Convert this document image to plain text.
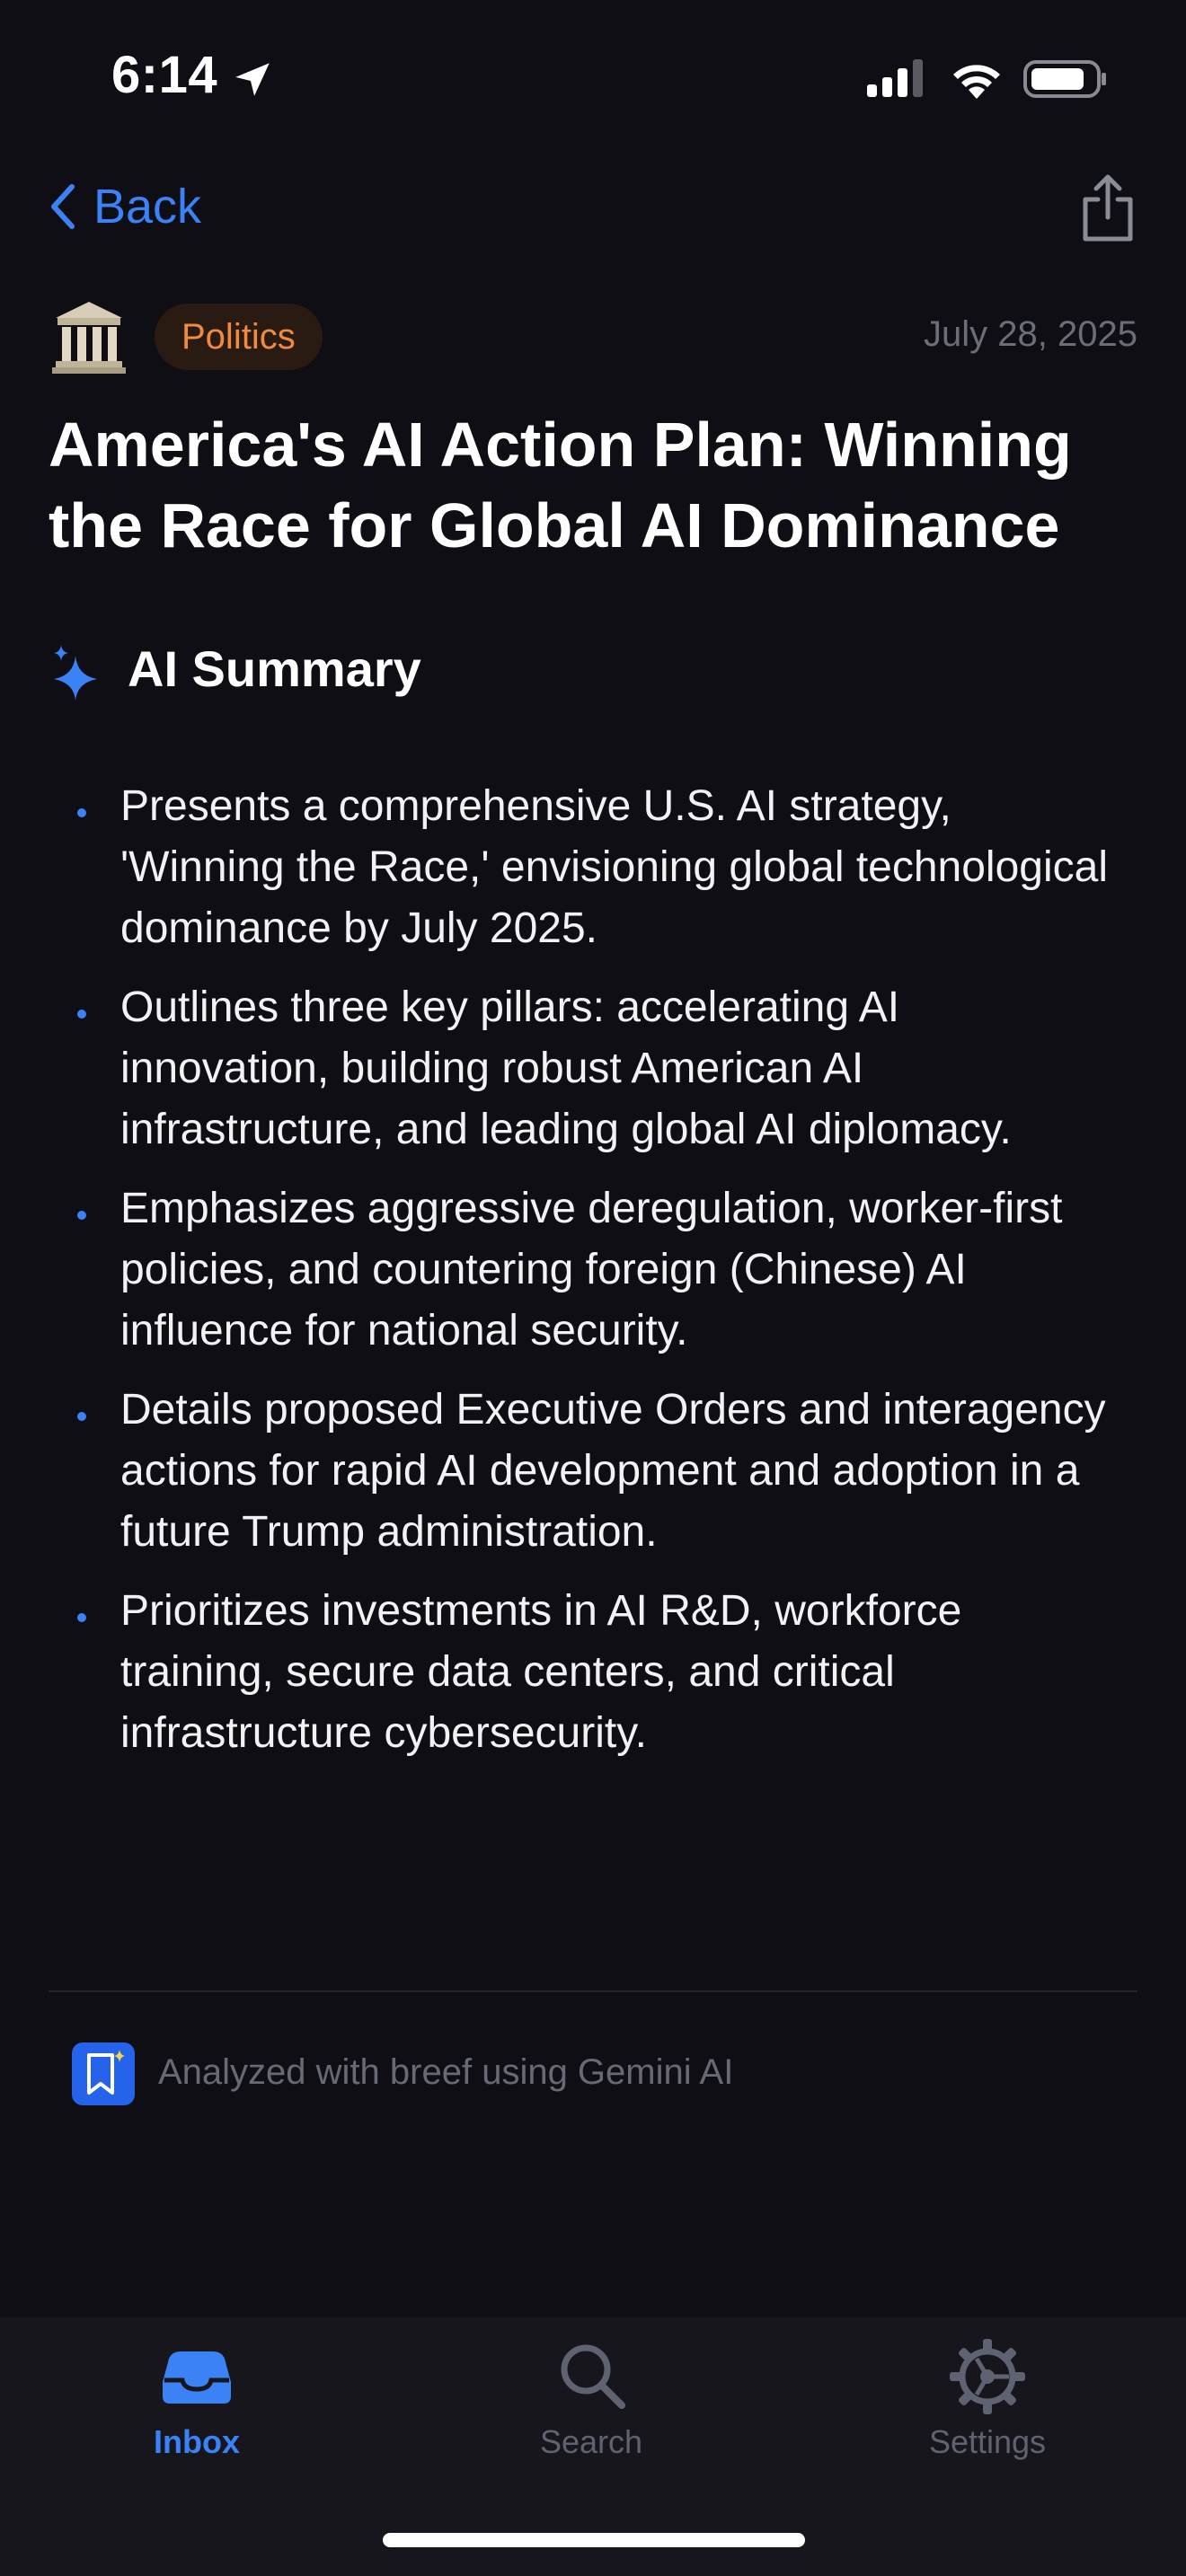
6:14
Back
Politics	July 28, 2025
America's AI Action Plan: Winning the Race for Global AI Dominance
AI Summary
Presents a comprehensive U.S. AI strategy, 'Winning the Race,' envisioning global technological dominance by July 2025.
Outlines three key pillars: accelerating AI innovation, building robust American AI infrastructure, and leading global AI diplomacy.
Emphasizes aggressive deregulation, worker-first policies, and countering foreign (Chinese) AI influence for national security.
Details proposed Executive Orders and interagency actions for rapid AI development and adoption in a future Trump administration.
Prioritizes investments in AI R&D, workforce training, secure data centers, and critical infrastructure cybersecurity.
Analyzed with breef using Gemini AI
Inbox	Search	Settings
